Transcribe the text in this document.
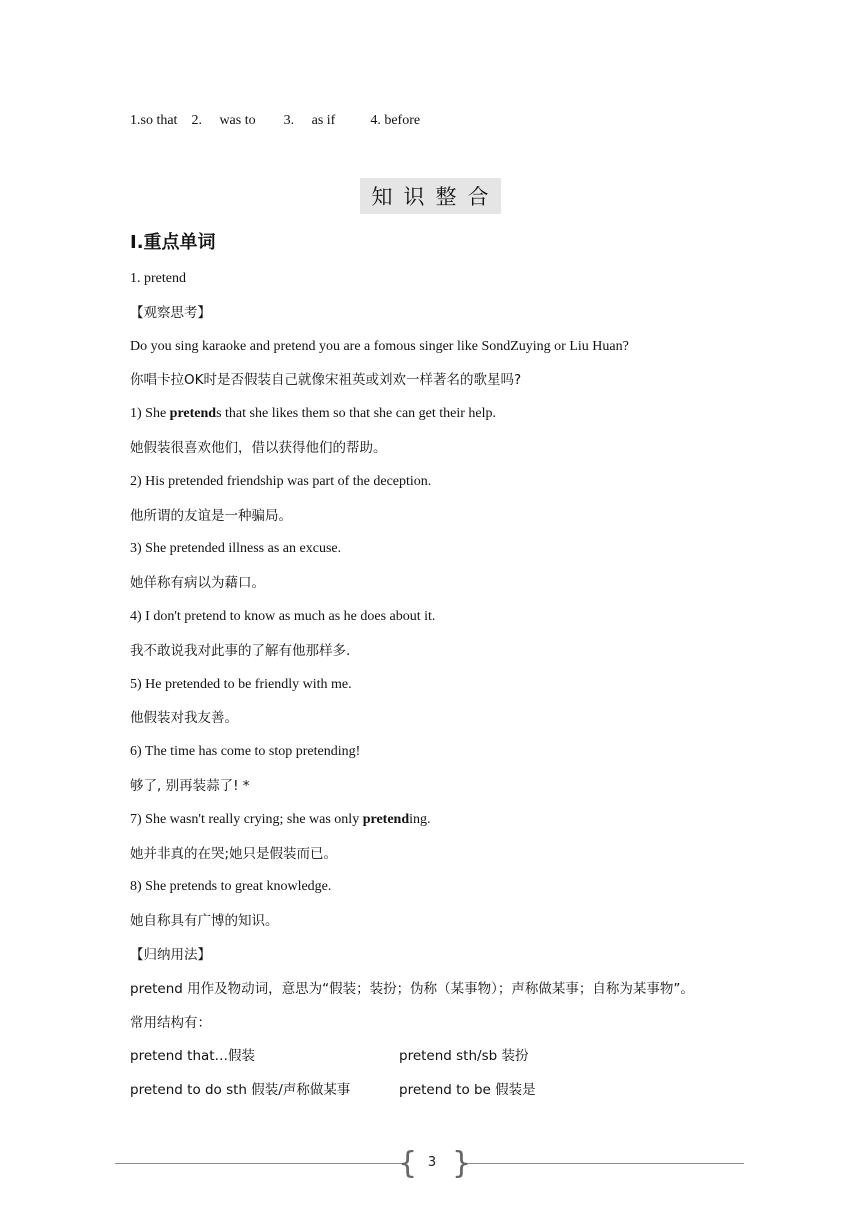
1.so that    2.     was to        3.     as if          4. before
知识整合
Ⅰ.重点单词
1. pretend
【观察思考】
Do you sing karaoke and pretend you are a fomous singer like SondZuying or Liu Huan?
你唱卡拉OK时是否假装自己就像宋祖英或刘欢一样著名的歌星吗?
1) She pretends that she likes them so that she can get their help.
她假装很喜欢他们，借以获得他们的帮助。
2) His pretended friendship was part of the deception.
他所谓的友谊是一种骗局。
3) She pretended illness as an excuse.
她佯称有病以为藉口。
4) I don't pretend to know as much as he does about it.
我不敢说我对此事的了解有他那样多.
5) He pretended to be friendly with me.
他假装对我友善。
6) The time has come to stop pretending!
够了, 别再装蒜了! *
7) She wasn't really crying; she was only pretending.
她并非真的在哭;她只是假装而已。
8) She pretends to great knowledge.
她自称具有广博的知识。
【归纳用法】
pretend 用作及物动词，意思为“假装；装扮；伪称（某事物）；声称做某事；自称为某事物”。
常用结构有：
pretend that…假装	pretend sth/sb 装扮
pretend to do sth 假装/声称做某事	pretend to be 假装是
{ }
3
